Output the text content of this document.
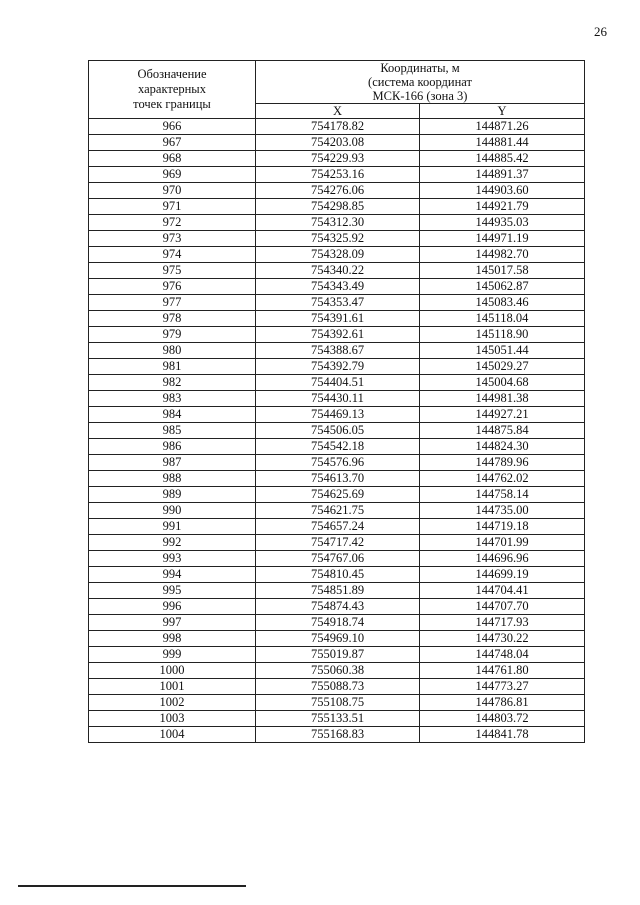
26
Обозначение
характерных
точек границы	Координаты, м
(система координат
МСК-166 (зона 3)	
	X	Y
966	754178.82	144871.26
967	754203.08	144881.44
968	754229.93	144885.42
969	754253.16	144891.37
970	754276.06	144903.60
971	754298.85	144921.79
972	754312.30	144935.03
973	754325.92	144971.19
974	754328.09	144982.70
975	754340.22	145017.58
976	754343.49	145062.87
977	754353.47	145083.46
978	754391.61	145118.04
979	754392.61	145118.90
980	754388.67	145051.44
981	754392.79	145029.27
982	754404.51	145004.68
983	754430.11	144981.38
984	754469.13	144927.21
985	754506.05	144875.84
986	754542.18	144824.30
987	754576.96	144789.96
988	754613.70	144762.02
989	754625.69	144758.14
990	754621.75	144735.00
991	754657.24	144719.18
992	754717.42	144701.99
993	754767.06	144696.96
994	754810.45	144699.19
995	754851.89	144704.41
996	754874.43	144707.70
997	754918.74	144717.93
998	754969.10	144730.22
999	755019.87	144748.04
1000	755060.38	144761.80
1001	755088.73	144773.27
1002	755108.75	144786.81
1003	755133.51	144803.72
1004	755168.83	144841.78
